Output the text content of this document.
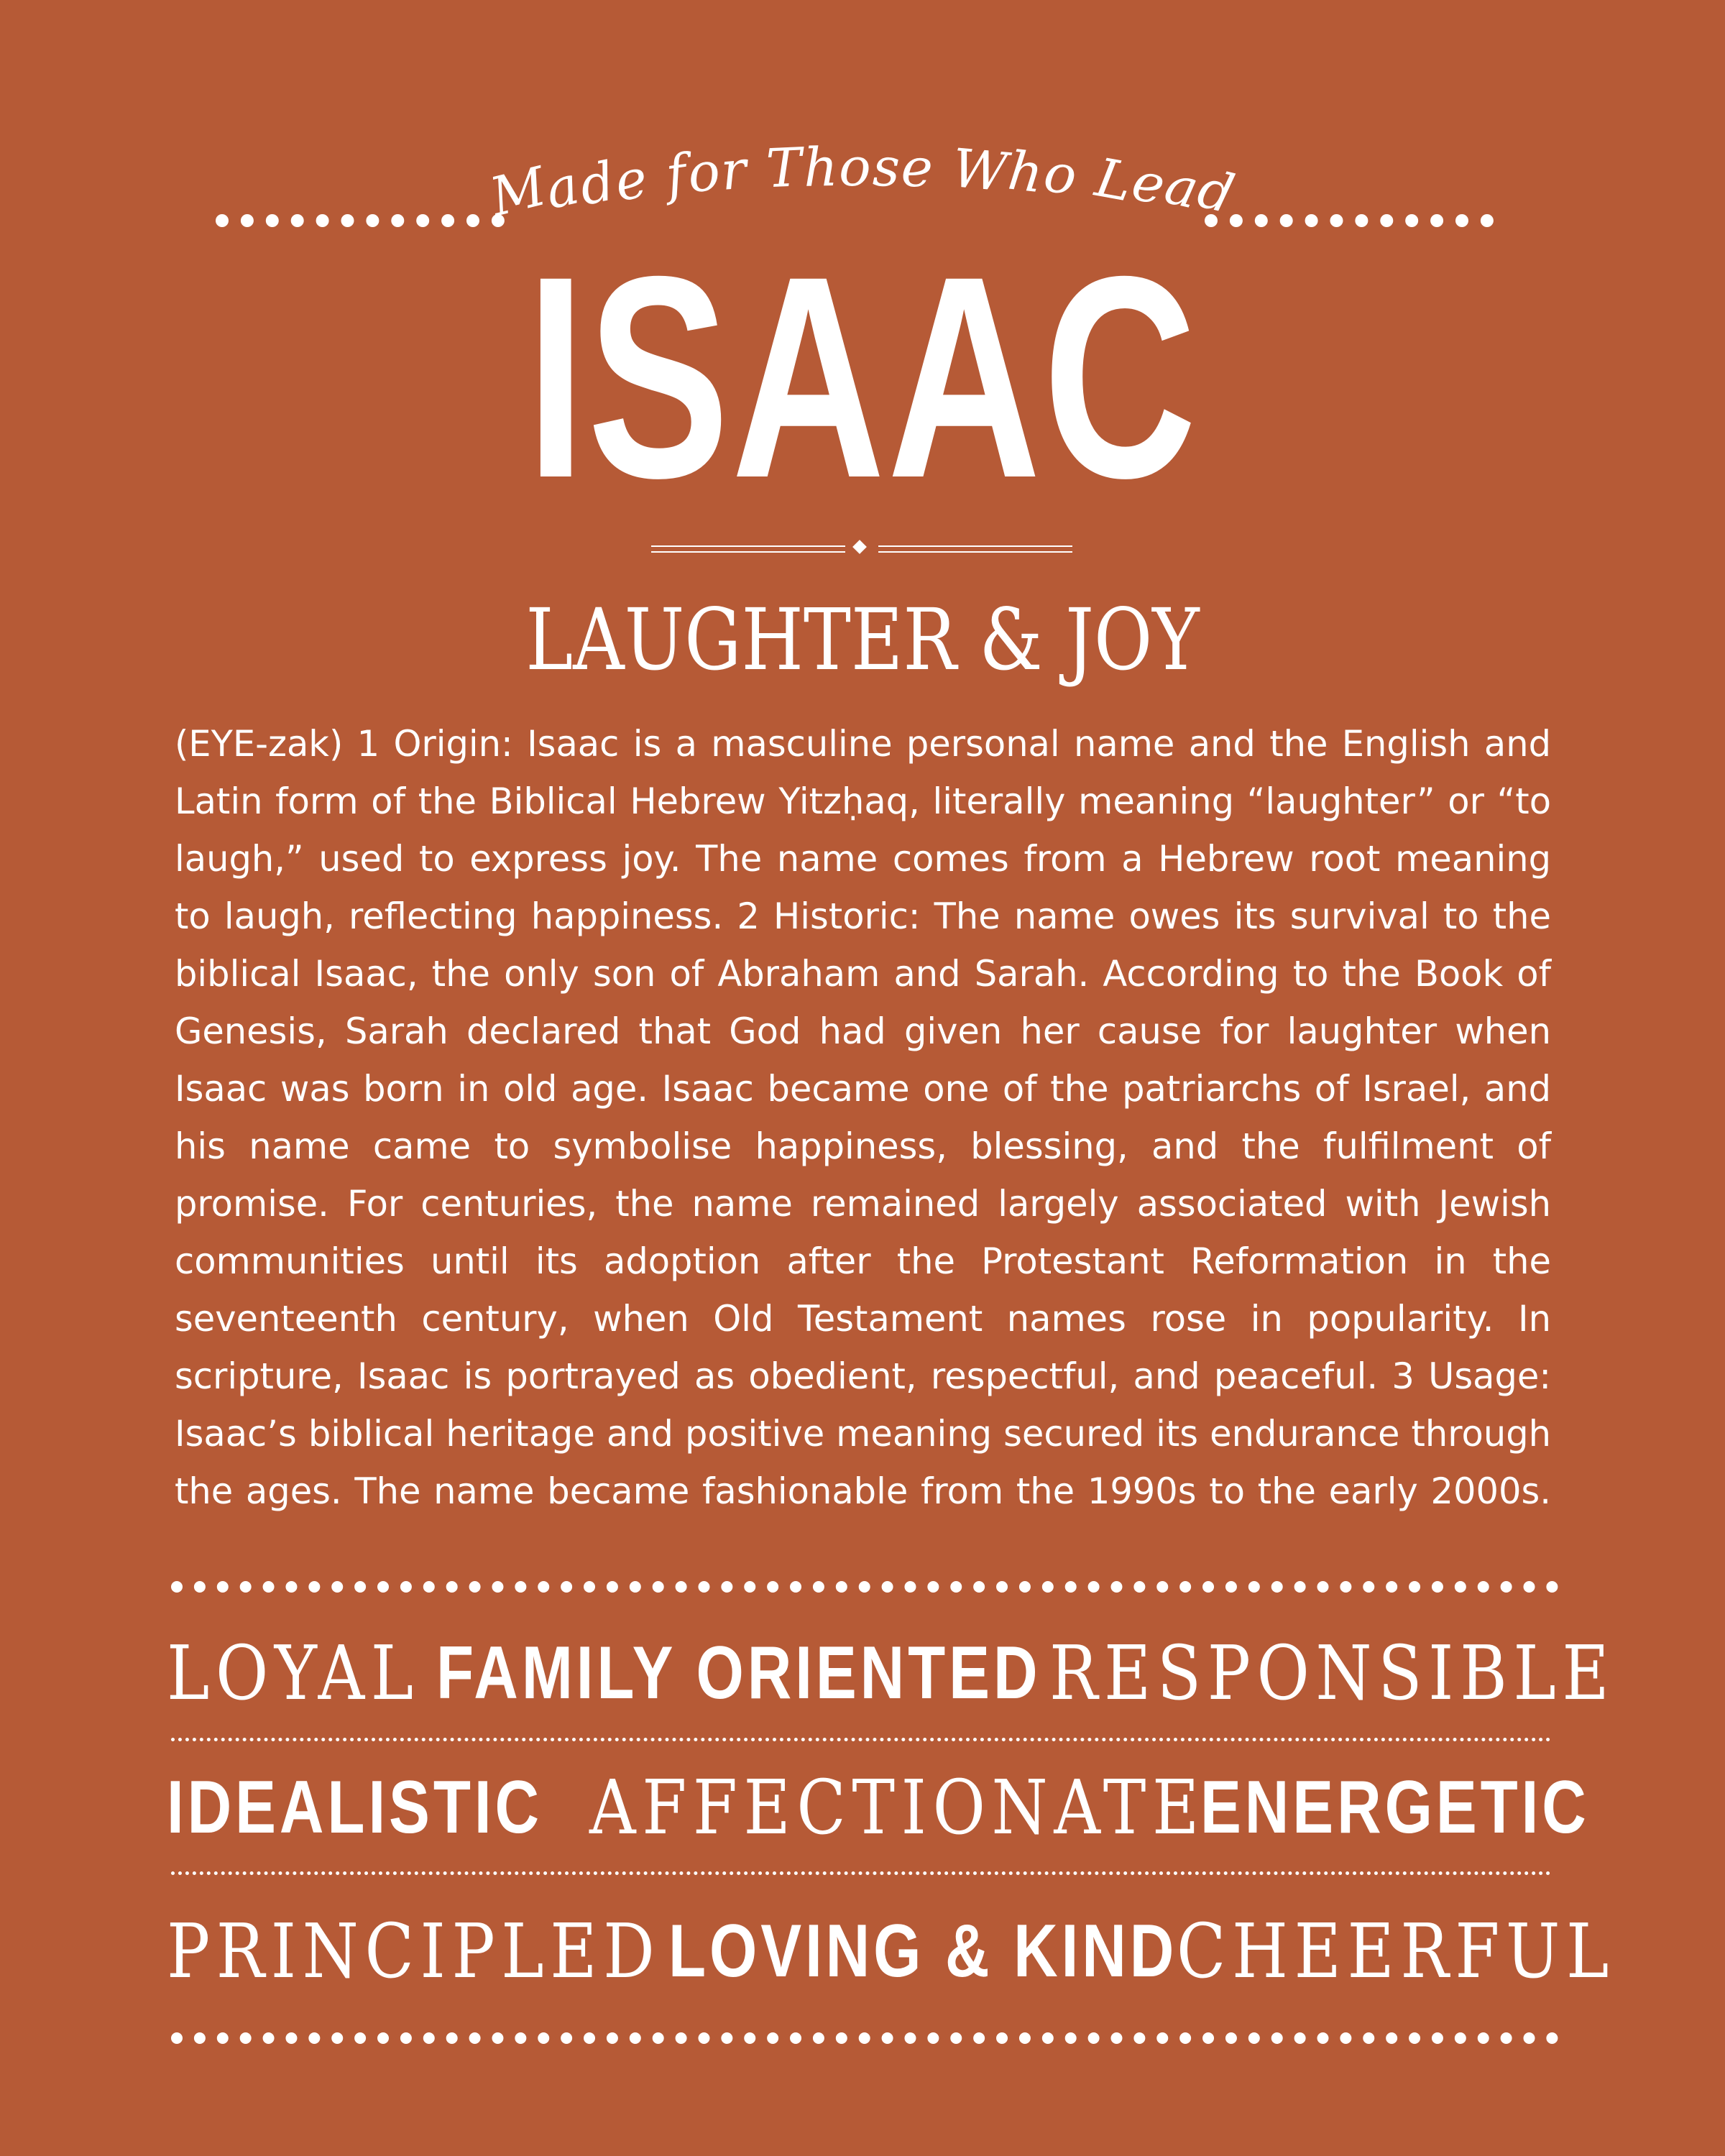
Made for Those Who Lead
ISAAC
LAUGHTER & JOY
(EYE-zak) 1 Origin: Isaac is a masculine personal name and the English and Latin form of the Biblical Hebrew Yitzḥaq, literally meaning “laughter” or “to laugh,” used to express joy. The name comes from a Hebrew root meaning to laugh, reflecting happiness. 2 Historic: The name owes its survival to the biblical Isaac, the only son of Abraham and Sarah. According to the Book of Genesis, Sarah declared that God had given her cause for laughter when Isaac was born in old age. Isaac became one of the patriarchs of Israel, and his name came to symbolise happiness, blessing, and the fulfilment of promise. For centuries, the name remained largely associated with Jewish communities until its adoption after the Protestant Reformation in the seventeenth century, when Old Testament names rose in popularity. In scripture, Isaac is portrayed as obedient, respectful, and peaceful. 3 Usage: Isaac’s biblical heritage and positive meaning secured its endurance through the ages. The name became fashionable from the 1990s to the early 2000s.
LOYAL FAMILY ORIENTED RESPONSIBLE
IDEALISTIC AFFECTIONATE
ENERGETIC
PRINCIPLED LOVING & KIND
CHEERFUL
